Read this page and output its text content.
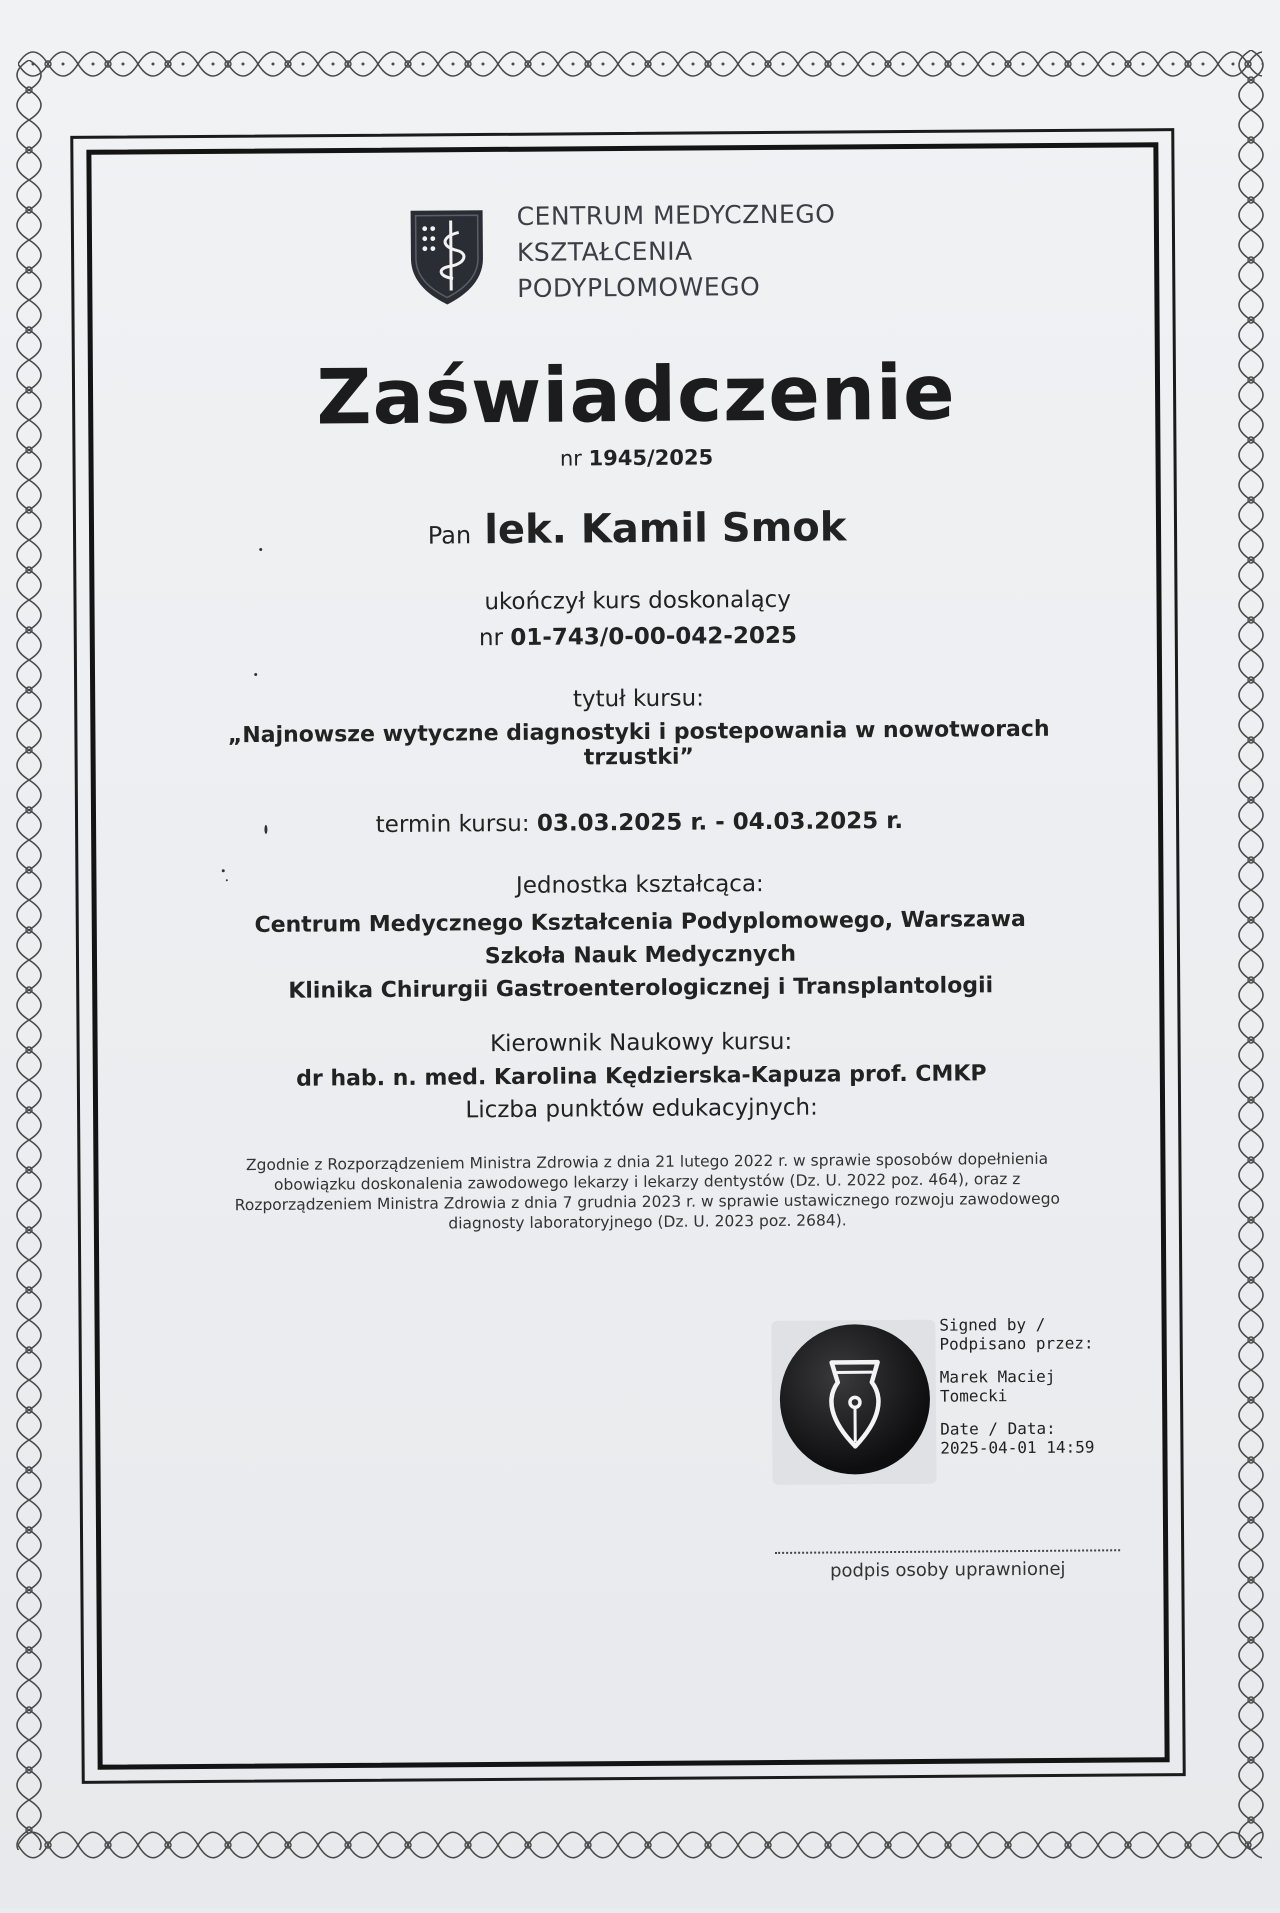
CENTRUM MEDYCZNEGO
KSZTAŁCENIA
PODYPLOMOWEGO
Zaświadczenie
nr 1945/2025
Pan lek. Kamil Smok
ukończył kurs doskonalący
nr 01-743/0-00-042-2025
tytuł kursu:
„Najnowsze wytyczne diagnostyki i postepowania w nowotworach trzustki”
termin kursu: 03.03.2025 r. - 04.03.2025 r.
Jednostka kształcąca:
Centrum Medycznego Kształcenia Podyplomowego, Warszawa
Szkoła Nauk Medycznych
Klinika Chirurgii Gastroenterologicznej i Transplantologii
Kierownik Naukowy kursu:
dr hab. n. med. Karolina Kędzierska-Kapuza prof. CMKP
Liczba punktów edukacyjnych:
Zgodnie z Rozporządzeniem Ministra Zdrowia z dnia 21 lutego 2022 r. w sprawie sposobów dopełnienia obowiązku doskonalenia zawodowego lekarzy i lekarzy dentystów (Dz. U. 2022 poz. 464), oraz z Rozporządzeniem Ministra Zdrowia z dnia 7 grudnia 2023 r. w sprawie ustawicznego rozwoju zawodowego diagnosty laboratoryjnego (Dz. U. 2023 poz. 2684).
Signed by /
Podpisano przez:
Marek Maciej
Tomecki
Date / Data:
2025-04-01 14:59
podpis osoby uprawnionej
